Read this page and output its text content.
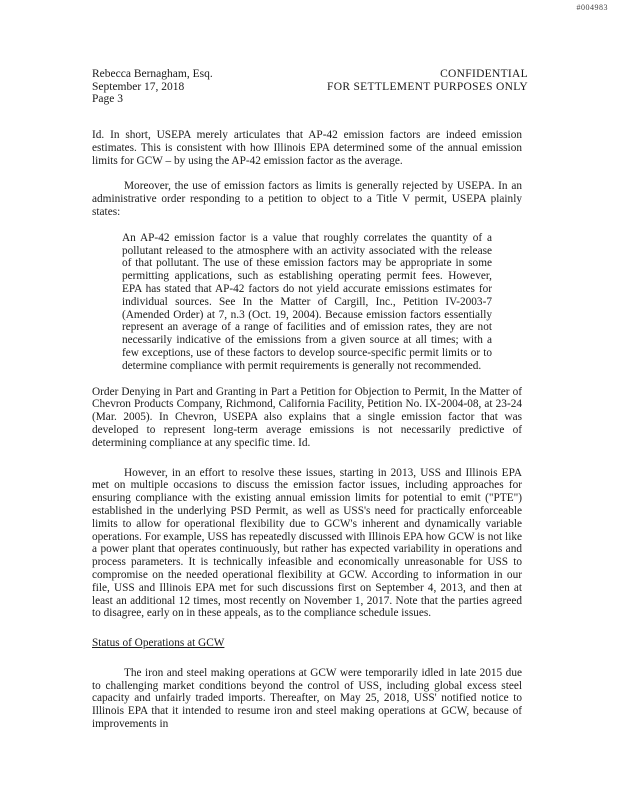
#004983
Rebecca Bernagham, Esq.
September 17, 2018
Page 3
CONFIDENTIAL
FOR SETTLEMENT PURPOSES ONLY

Id. In short, USEPA merely articulates that AP-42 emission factors are indeed emission estimates. This is consistent with how Illinois EPA determined some of the annual emission limits for GCW – by using the AP-42 emission factor as the average.

Moreover, the use of emission factors as limits is generally rejected by USEPA. In an administrative order responding to a petition to object to a Title V permit, USEPA plainly states:

An AP-42 emission factor is a value that roughly correlates the quantity of a pollutant released to the atmosphere with an activity associated with the release of that pollutant. The use of these emission factors may be appropriate in some permitting applications, such as establishing operating permit fees. However, EPA has stated that AP-42 factors do not yield accurate emissions estimates for individual sources. See In the Matter of Cargill, Inc., Petition IV-2003-7 (Amended Order) at 7, n.3 (Oct. 19, 2004). Because emission factors essentially represent an average of a range of facilities and of emission rates, they are not necessarily indicative of the emissions from a given source at all times; with a few exceptions, use of these factors to develop source-specific permit limits or to determine compliance with permit requirements is generally not recommended.

Order Denying in Part and Granting in Part a Petition for Objection to Permit, In the Matter of Chevron Products Company, Richmond, California Facility, Petition No. IX-2004-08, at 23-24 (Mar. 2005). In Chevron, USEPA also explains that a single emission factor that was developed to represent long-term average emissions is not necessarily predictive of determining compliance at any specific time. Id.

However, in an effort to resolve these issues, starting in 2013, USS and Illinois EPA met on multiple occasions to discuss the emission factor issues, including approaches for ensuring compliance with the existing annual emission limits for potential to emit ("PTE") established in the underlying PSD Permit, as well as USS's need for practically enforceable limits to allow for operational flexibility due to GCW's inherent and dynamically variable operations. For example, USS has repeatedly discussed with Illinois EPA how GCW is not like a power plant that operates continuously, but rather has expected variability in operations and process parameters. It is technically infeasible and economically unreasonable for USS to compromise on the needed operational flexibility at GCW. According to information in our file, USS and Illinois EPA met for such discussions first on September 4, 2013, and then at least an additional 12 times, most recently on November 1, 2017. Note that the parties agreed to disagree, early on in these appeals, as to the compliance schedule issues.

Status of Operations at GCW

The iron and steel making operations at GCW were temporarily idled in late 2015 due to challenging market conditions beyond the control of USS, including global excess steel capacity and unfairly traded imports. Thereafter, on May 25, 2018, USS' notified notice to Illinois EPA that it intended to resume iron and steel making operations at GCW, because of improvements in
